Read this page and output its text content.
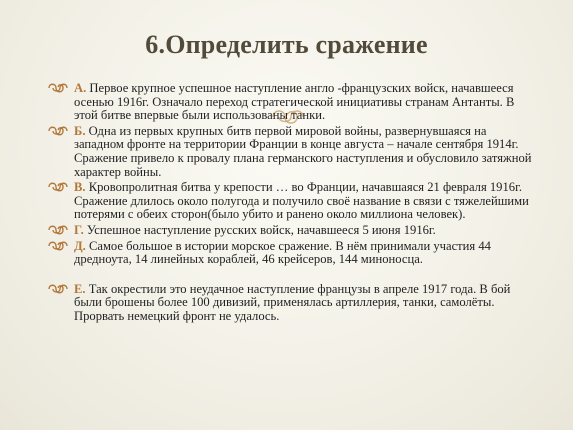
6.Определить сражение
А. Первое крупное успешное наступление англо -французских войск, начавшееся осенью 1916г. Означало переход стратегической инициативы странам Антанты. В этой битве впервые были использованы танки.
Б. Одна из первых крупных битв первой мировой войны, развернувшаяся на западном фронте на территории Франции в конце августа – начале сентября 1914г. Сражение привело к провалу плана германского наступления и обусловило затяжной характер войны.
В. Кровопролитная битва у крепости … во Франции, начавшаяся 21 февраля 1916г. Сражение длилось около полугода и получило своё название в связи с тяжелейшими потерями с обеих сторон(было убито и ранено около миллиона человек).
Г. Успешное наступление русских войск, начавшееся 5 июня 1916г.
Д. Самое большое в истории морское сражение. В нём принимали участия 44 дредноута, 14 линейных кораблей, 46 крейсеров, 144 миноносца.
Е. Так окрестили это неудачное наступление французы в апреле 1917 года. В бой были брошены более 100 дивизий, применялась артиллерия, танки, самолёты. Прорвать немецкий фронт не удалось.
